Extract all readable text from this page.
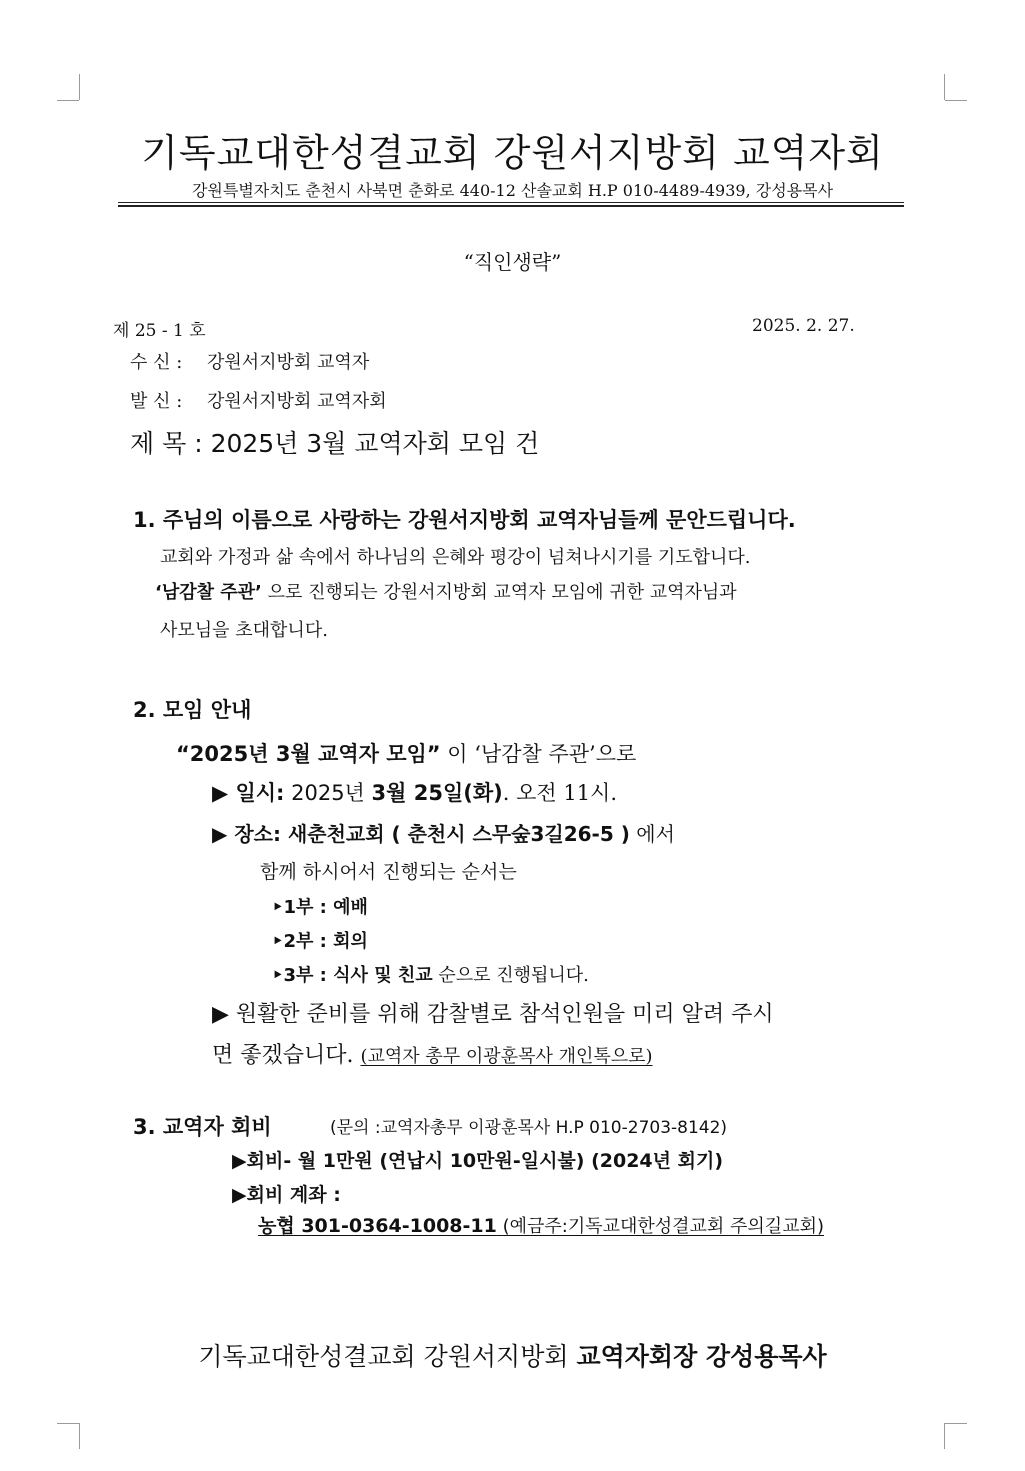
기독교대한성결교회 강원서지방회 교역자회
강원특별자치도 춘천시 사북면 춘화로 440-12 산솔교회 H.P 010-4489-4939, 강성용목사
“직인생략”
제 25 - 1 호	2025. 2. 27.
수 신 : 강원서지방회 교역자
발 신 : 강원서지방회 교역자회
제 목 : 2025년 3월 교역자회 모임 건
1. 주님의 이름으로 사랑하는 강원서지방회 교역자님들께 문안드립니다.
교회와 가정과 삶 속에서 하나님의 은혜와 평강이 넘쳐나시기를 기도합니다.
‘남감찰 주관’ 으로 진행되는 강원서지방회 교역자 모임에 귀한 교역자님과
사모님을 초대합니다.
2. 모임 안내
“2025년 3월 교역자 모임” 이 ‘남감찰 주관’으로
▶ 일시: 2025년 3월 25일(화). 오전 11시.
▶ 장소: 새춘천교회 ( 춘천시 스무숲3길26-5 ) 에서
함께 하시어서 진행되는 순서는
‣1부 : 예배
‣2부 : 회의
‣3부 : 식사 및 친교 순으로 진행됩니다.
▶ 원활한 준비를 위해 감찰별로 참석인원을 미리 알려 주시
면 좋겠습니다. (교역자 총무 이광훈목사 개인톡으로)
3. 교역자 회비	(문의 :교역자총무 이광훈목사 H.P 010-2703-8142)
▶회비- 월 1만원 (연납시 10만원-일시불) (2024년 회기)
▶회비 계좌 :
농협 301-0364-1008-11 (예금주:기독교대한성결교회 주의길교회)
기독교대한성결교회 강원서지방회 교역자회장 강성용목사
